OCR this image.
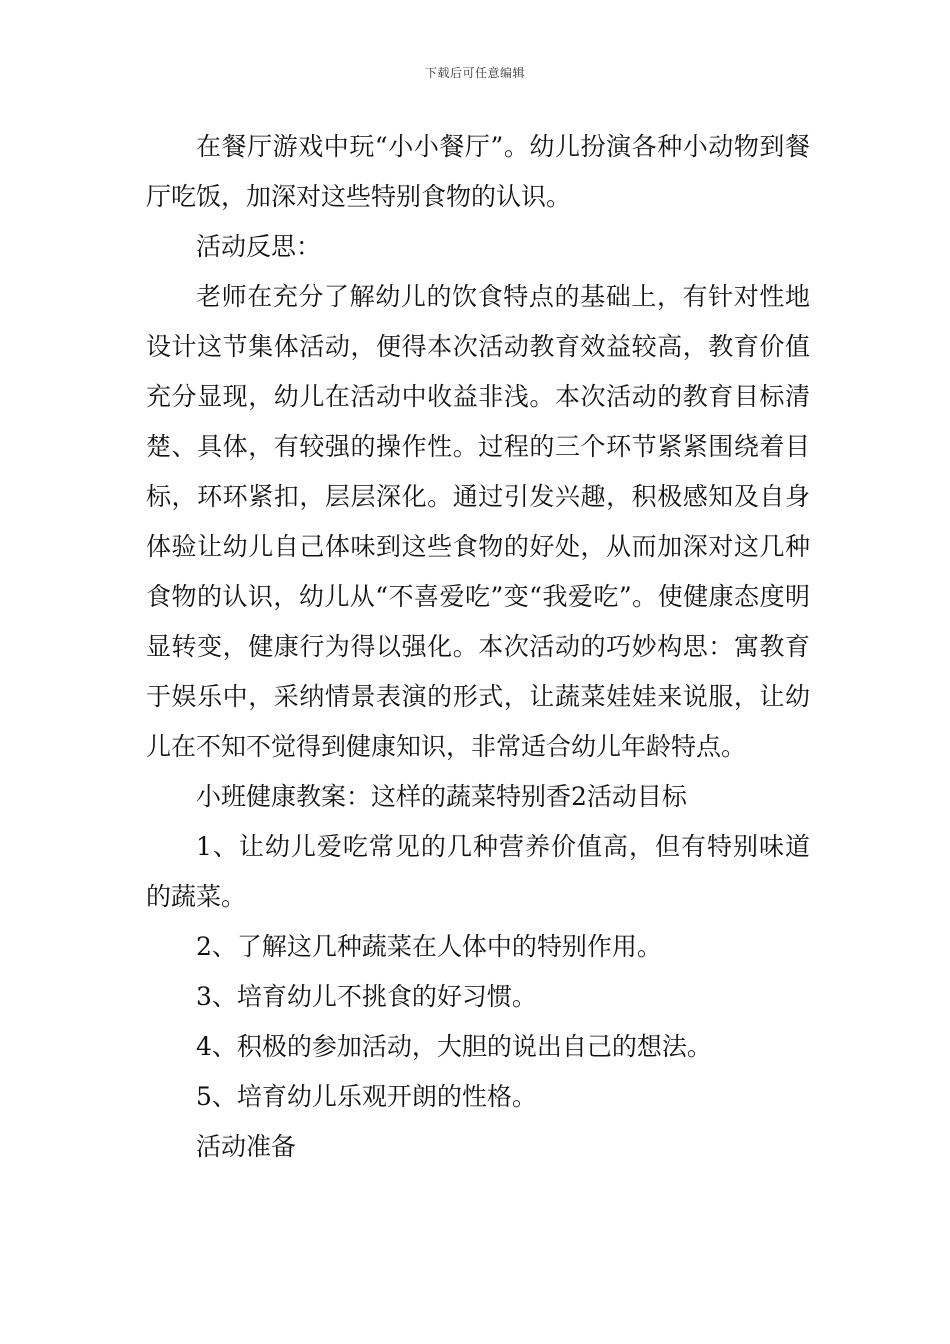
下载后可任意编辑

在餐厅游戏中玩“小小餐厅”。幼儿扮演各种小动物到餐厅吃饭，加深对这些特别食物的认识。

活动反思：

老师在充分了解幼儿的饮食特点的基础上，有针对性地设计这节集体活动，便得本次活动教育效益较高，教育价值充分显现，幼儿在活动中收益非浅。本次活动的教育目标清楚、具体，有较强的操作性。过程的三个环节紧紧围绕着目标，环环紧扣，层层深化。通过引发兴趣，积极感知及自身体验让幼儿自己体味到这些食物的好处，从而加深对这几种食物的认识，幼儿从“不喜爱吃”变“我爱吃”。使健康态度明显转变，健康行为得以强化。本次活动的巧妙构思：寓教育于娱乐中，采纳情景表演的形式，让蔬菜娃娃来说服，让幼儿在不知不觉得到健康知识，非常适合幼儿年龄特点。

小班健康教案：这样的蔬菜特别香2活动目标

1、让幼儿爱吃常见的几种营养价值高，但有特别味道的蔬菜。

2、了解这几种蔬菜在人体中的特别作用。

3、培育幼儿不挑食的好习惯。

4、积极的参加活动，大胆的说出自己的想法。

5、培育幼儿乐观开朗的性格。

活动准备
